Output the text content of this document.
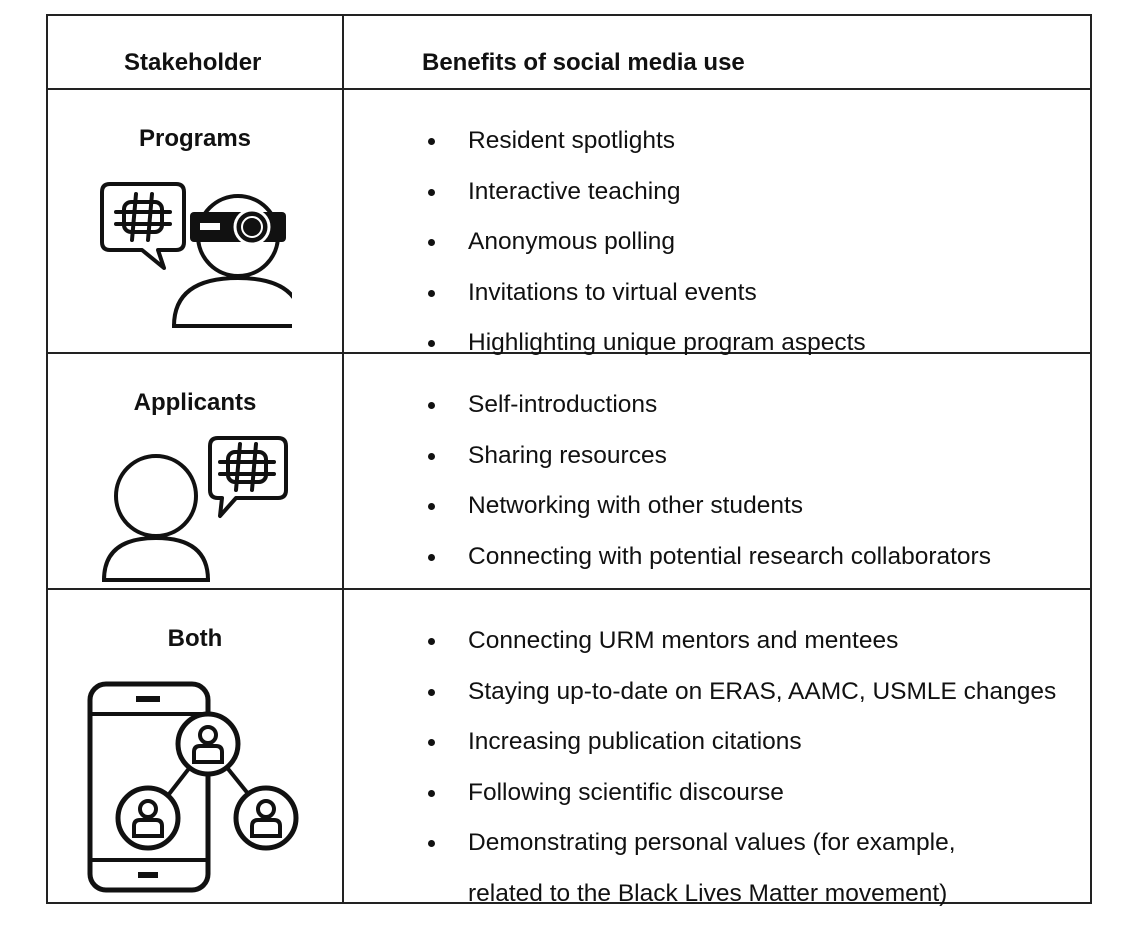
Stakeholder	Benefits of social media use
Programs	Resident spotlights
Interactive teaching
Anonymous polling
Invitations to virtual events
Highlighting unique program aspects
Applicants	Self-introductions
Sharing resources
Networking with other students
Connecting with potential research collaborators
Both	Connecting URM mentors and mentees
Staying up-to-date on ERAS, AAMC, USMLE changes
Increasing publication citations
Following scientific discourse
Demonstrating personal values (for example,
related to the Black Lives Matter movement)
